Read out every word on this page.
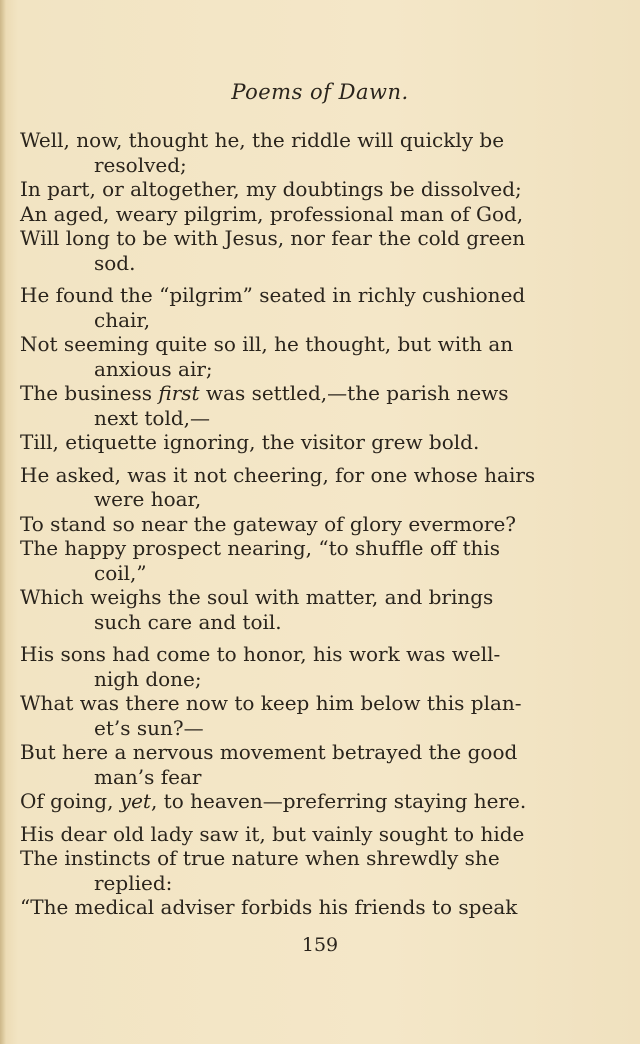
Poems of Dawn.
Well, now, thought he, the riddle will quickly be
resolved;
In part, or altogether, my doubtings be dissolved;
An aged, weary pilgrim, professional man of God,
Will long to be with Jesus, nor fear the cold green
sod.
He found the “pilgrim” seated in richly cushioned
chair,
Not seeming quite so ill, he thought, but with an
anxious air;
The business first was settled,—the parish news
next told,—
Till, etiquette ignoring, the visitor grew bold.
He asked, was it not cheering, for one whose hairs
were hoar,
To stand so near the gateway of glory evermore?
The happy prospect nearing, “to shuffle off this
coil,”
Which weighs the soul with matter, and brings
such care and toil.
His sons had come to honor, his work was well-
nigh done;
What was there now to keep him below this plan-
et’s sun?—
But here a nervous movement betrayed the good
man’s fear
Of going, yet, to heaven—preferring staying here.
His dear old lady saw it, but vainly sought to hide
The instincts of true nature when shrewdly she
replied:
“The medical adviser forbids his friends to speak
159
